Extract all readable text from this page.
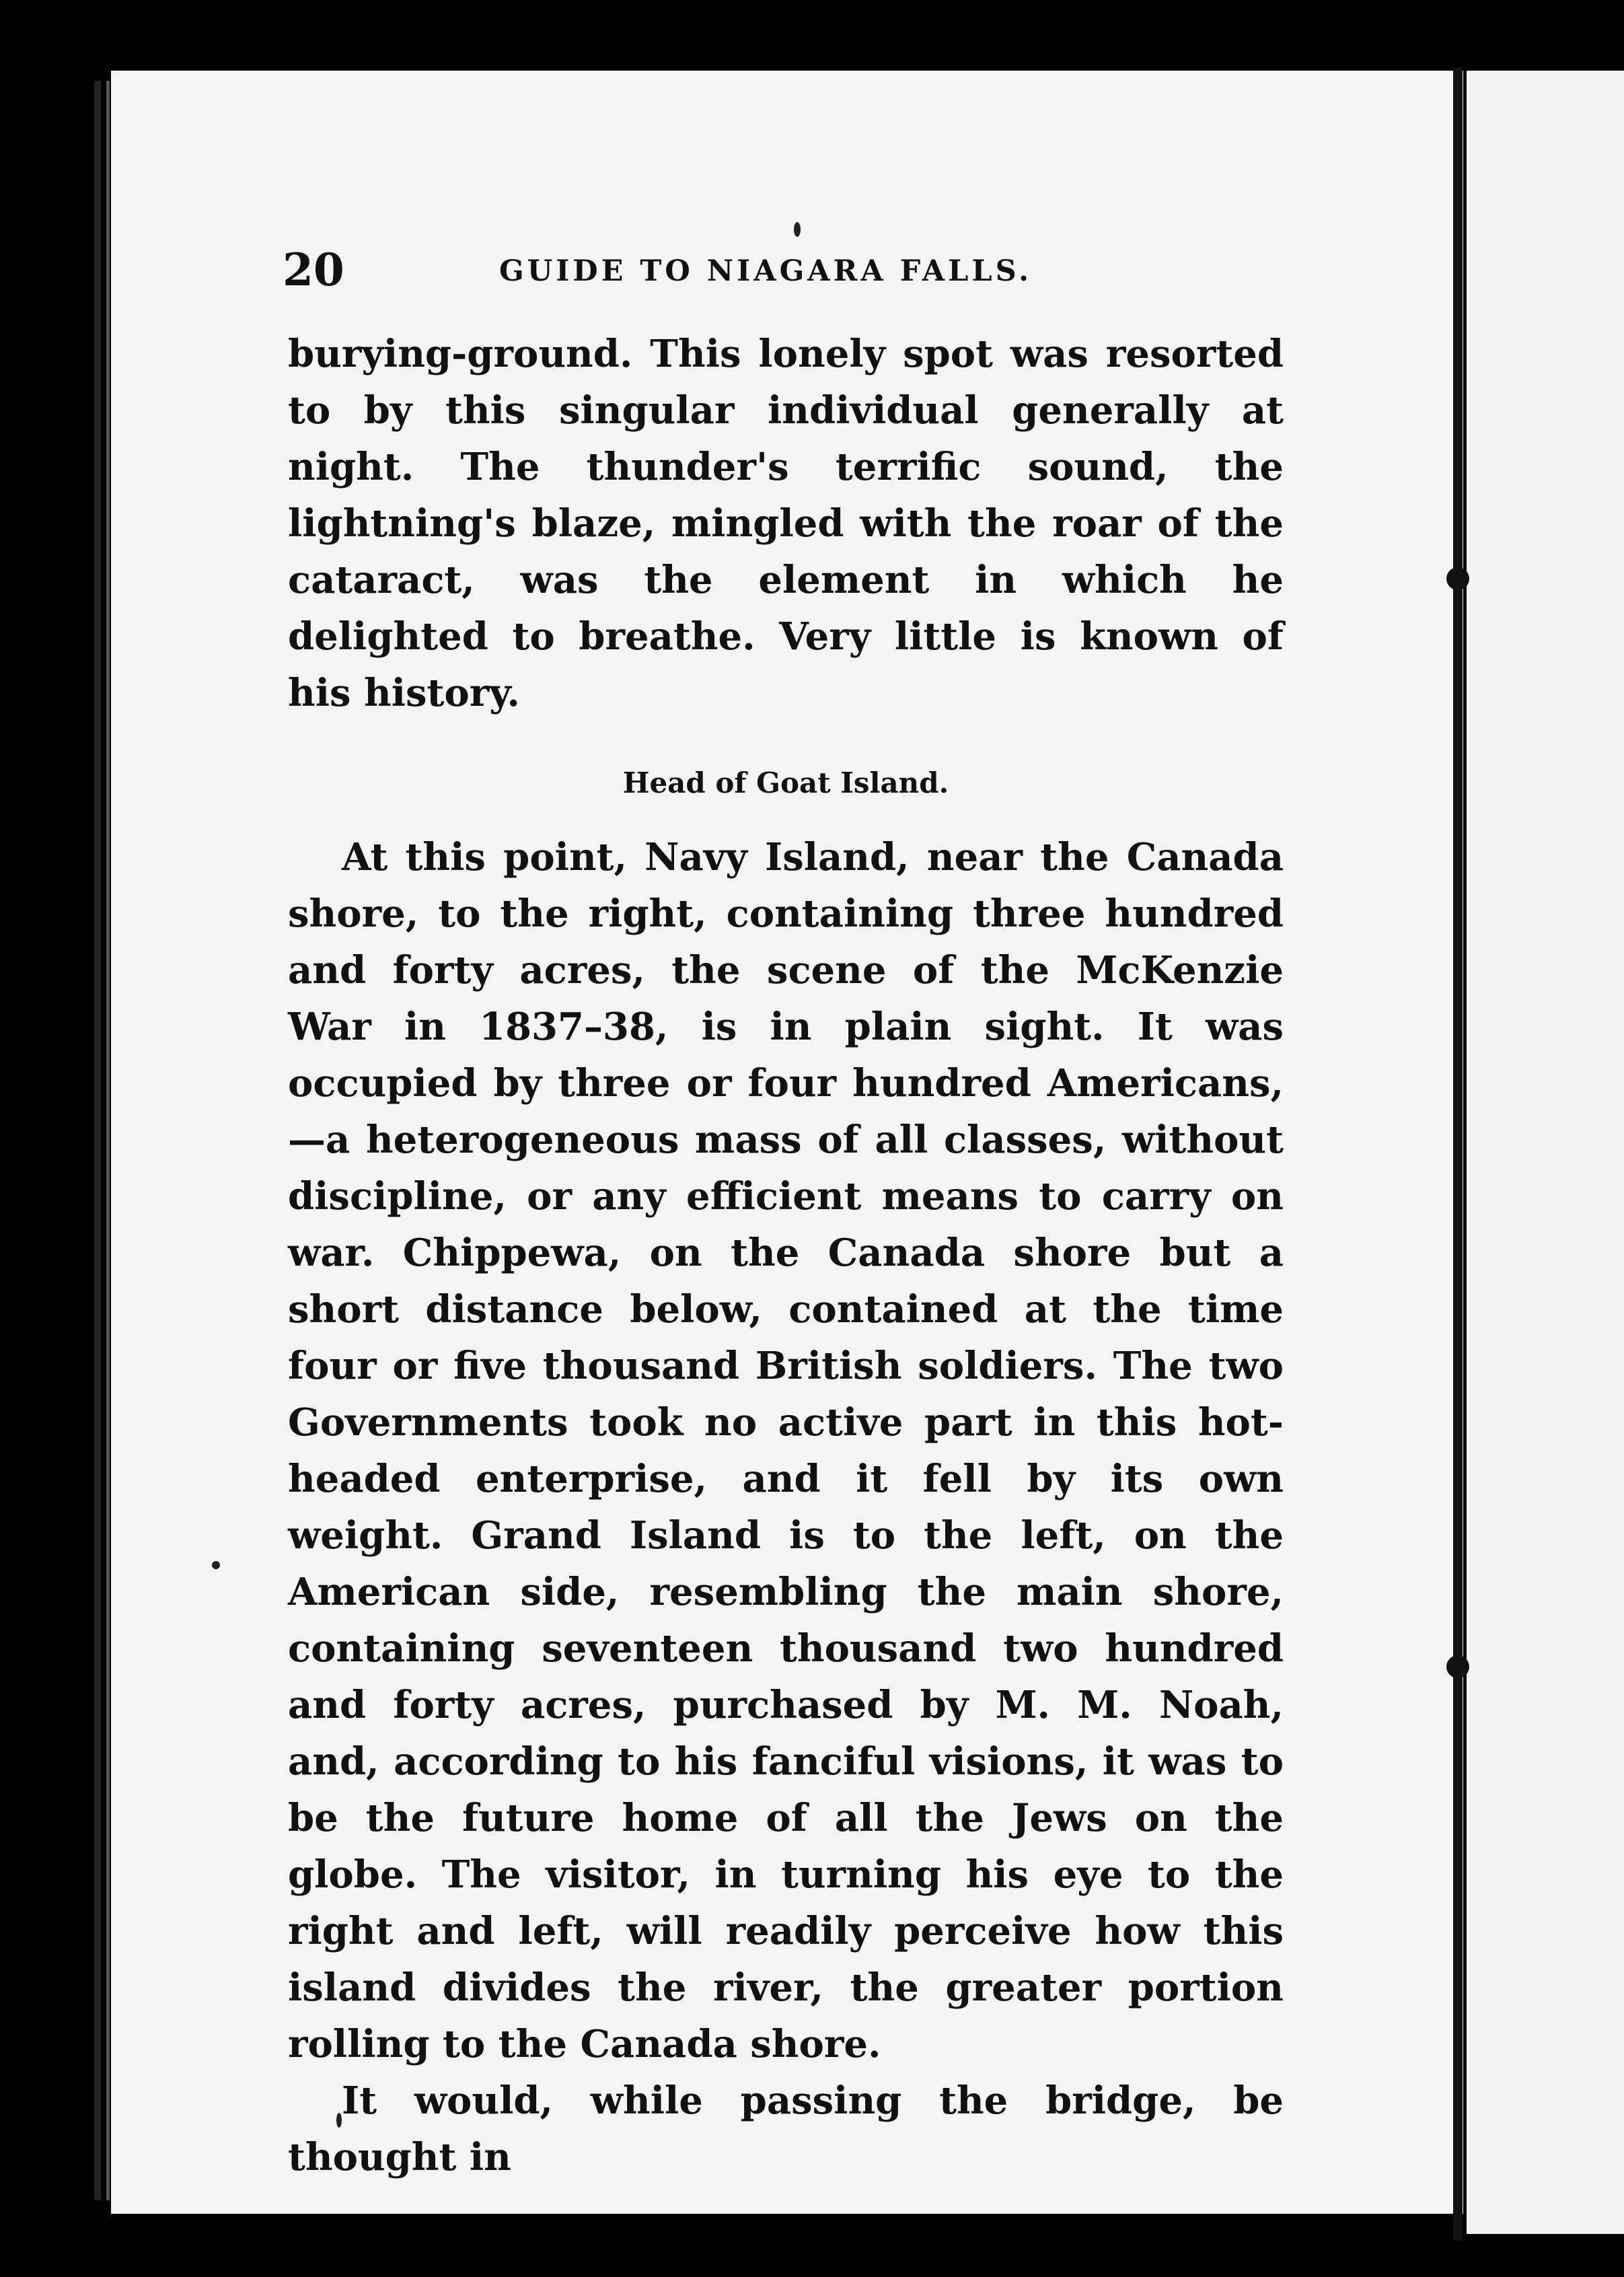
20	GUIDE TO NIAGARA FALLS.

burying-ground. This lonely spot was resorted to by this singular individual generally at night. The thunder's terrific sound, the lightning's blaze, mingled with the roar of the cataract, was the element in which he delighted to breathe. Very little is known of his history.

Head of Goat Island.

At this point, Navy Island, near the Canada shore, to the right, containing three hundred and forty acres, the scene of the McKenzie War in 1837–38, is in plain sight. It was occupied by three or four hundred Americans,—a heterogeneous mass of all classes, without discipline, or any efficient means to carry on war. Chippewa, on the Canada shore but a short distance below, contained at the time four or five thousand British soldiers. The two Governments took no active part in this hot-headed enterprise, and it fell by its own weight. Grand Island is to the left, on the American side, resembling the main shore, containing seventeen thousand two hundred and forty acres, purchased by M. M. Noah, and, according to his fanciful visions, it was to be the future home of all the Jews on the globe. The visitor, in turning his eye to the right and left, will readily perceive how this island divides the river, the greater portion rolling to the Canada shore.

It would, while passing the bridge, be thought in
